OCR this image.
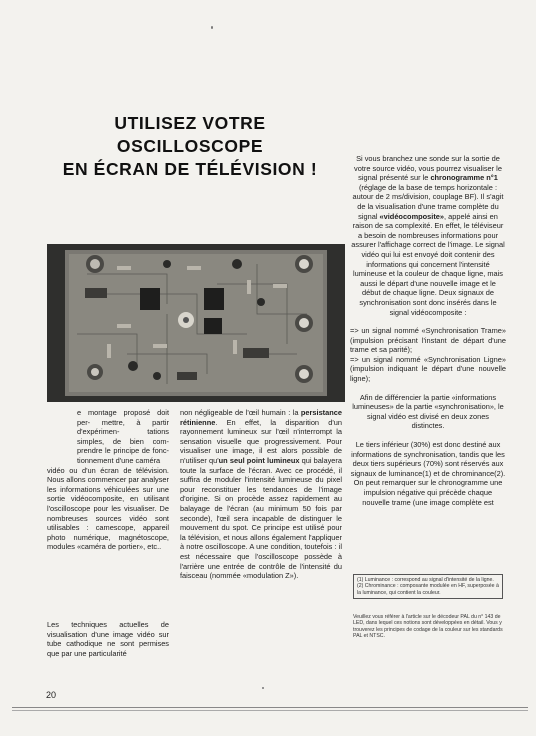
UTILISEZ VOTRE OSCILLOSCOPE
EN ÉCRAN DE TÉLÉVISION !

e montage proposé doit per- mettre, à partir d'expérimen-	tations simples, de bien com- prendre le principe de fonc- tionnement d'une caméra

vidéo ou d'un écran de télévision. Nous allons commencer par analyser les informations véhiculées sur une sortie vidéocomposite, en utilisant l'oscilloscope pour les visualiser. De nombreuses sources vidéo sont utilisables : camescope, appareil photo numérique, magnétoscope, modules «caméra de portier», etc..

Les techniques actuelles de visualisation d'une image vidéo sur tube cathodique ne sont permises que par une particularité

non négligeable de l'œil humain : la persistance rétinienne. En effet, la disparition d'un rayonnement lumineux sur l'œil n'interrompt la sensation visuelle que progressivement. Pour visualiser une image, il est alors possible de n'utiliser qu'un seul point lumineux qui balayera toute la surface de l'écran. Avec ce procédé, il suffira de moduler l'intensité lumineuse du pixel pour reconstituer les tendances de l'image d'origine. Si on procède assez rapidement au balayage de l'écran (au minimum 50 fois par seconde), l'œil sera incapable de distinguer le mouvement du spot. Ce principe est utilisé pour la télévision, et nous allons également l'appliquer à notre oscilloscope. A une condition, toutefois : il est nécessaire que l'oscilloscope possède à l'arrière une entrée de contrôle de l'intensité du faisceau (nommée «modulation Z»).

Si vous branchez une sonde sur la sortie de votre source vidéo, vous pourrez visualiser le signal présenté sur le chronogramme n°1 (réglage de la base de temps horizontale : autour de 2 ms/division, couplage BF). Il s'agit de la visualisation d'une trame complète du signal «vidéocomposite», appelé ainsi en raison de sa complexité. En effet, le téléviseur a besoin de nombreuses informations pour assurer l'affichage correct de l'image. Le signal vidéo qui lui est envoyé doit contenir des informations qui concernent l'intensité lumineuse et la couleur de chaque ligne, mais aussi le départ d'une nouvelle image et le début de chaque ligne. Deux signaux de synchronisation sont donc insérés dans le signal vidéocomposite :

=> un signal nommé «Synchronisation Trame» (impulsion précisant l'instant de départ d'une trame et sa parité);

=> un signal nommé «Synchronisation Ligne» (impulsion indiquant le départ d'une nouvelle ligne);

Afin de différencier la partie «informations lumineuses» de la partie «synchronisation», le signal vidéo est divisé en deux zones distinctes.

Le tiers inférieur (30%) est donc destiné aux informations de synchronisation, tandis que les deux tiers supérieurs (70%) sont réservés aux signaux de luminance(1) et de chrominance(2). On peut remarquer sur le chronogramme une impulsion négative qui précède chaque nouvelle trame (une image complète est

(1) Luminance : correspond au signal d'intensité de la ligne.
(2) Chrominance : composante modulée en HF, superposée à la luminance, qui contient la couleur.
Veuillez vous référer à l'article sur le décodeur PAL du n° 143 de LED, dans lequel ces notions sont développées en détail. Vous y trouverez les principes de codage de la couleur sur les standards PAL et NTSC.
20
